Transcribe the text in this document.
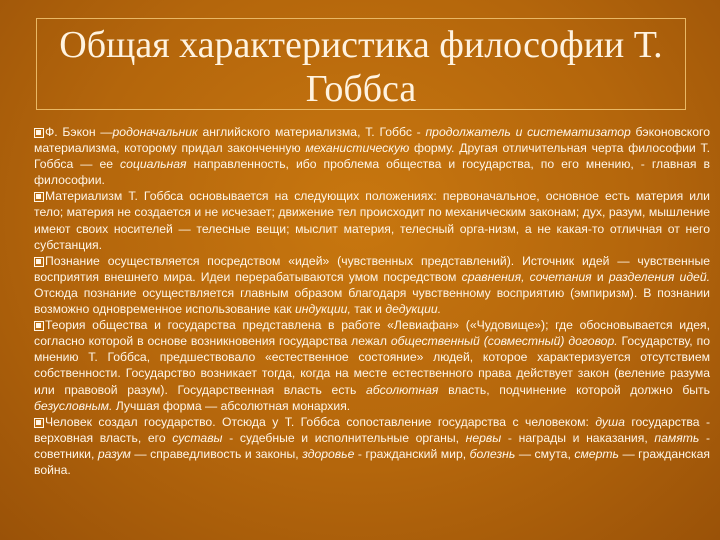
Общая характеристика философии Т. Гоббса

Ф. Бэкон —родоначальник английского материализма, Т. Гоббс - продолжатель и систематизатор бэконовского материализма, которому придал законченную механистическую форму. Другая отличительная черта философии Т. Гоббса — ее социальная направленность, ибо проблема общества и государства, по его мнению, - главная в философии.

Материализм Т. Гоббса основывается на следующих положениях: первоначальное, основное есть материя или тело; материя не создается и не исчезает; движение тел происходит по механическим законам; дух, разум, мышление имеют своих носителей — телесные вещи; мыслит материя, телесный орга-низм, а не какая-то отличная от него субстанция.

Познание осуществляется посредством «идей» (чувственных представлений). Источник идей — чувственные восприятия внешнего мира. Идеи перерабатываются умом посредством сравнения, сочетания и разделения идей. Отсюда познание осуществляется главным образом благодаря чувственному восприятию (эмпиризм). В познании возможно одновременное использование как индукции, так и дедукции.

Теория общества и государства представлена в работе «Левиафан» («Чудовище»); где обосновывается идея, согласно которой в основе возникновения государства лежал общественный (совместный) договор. Государству, по мнению Т. Гоббса, предшествовало «естественное состояние» людей, которое характеризуется отсутствием собственности. Государство возникает тогда, когда на месте естественного права действует закон (веление разума или правовой разум). Государственная власть есть абсолютная власть, подчинение которой должно быть безусловным. Лучшая форма — абсолютная монархия.

Человек создал государство. Отсюда у Т. Гоббса сопоставление государства с человеком: душа государства - верховная власть, его суставы - судебные и исполнительные органы, нервы - награды и наказания, память - советники, разум — справедливость и законы, здоровье - гражданский мир, болезнь — смута, смерть — гражданская война.
